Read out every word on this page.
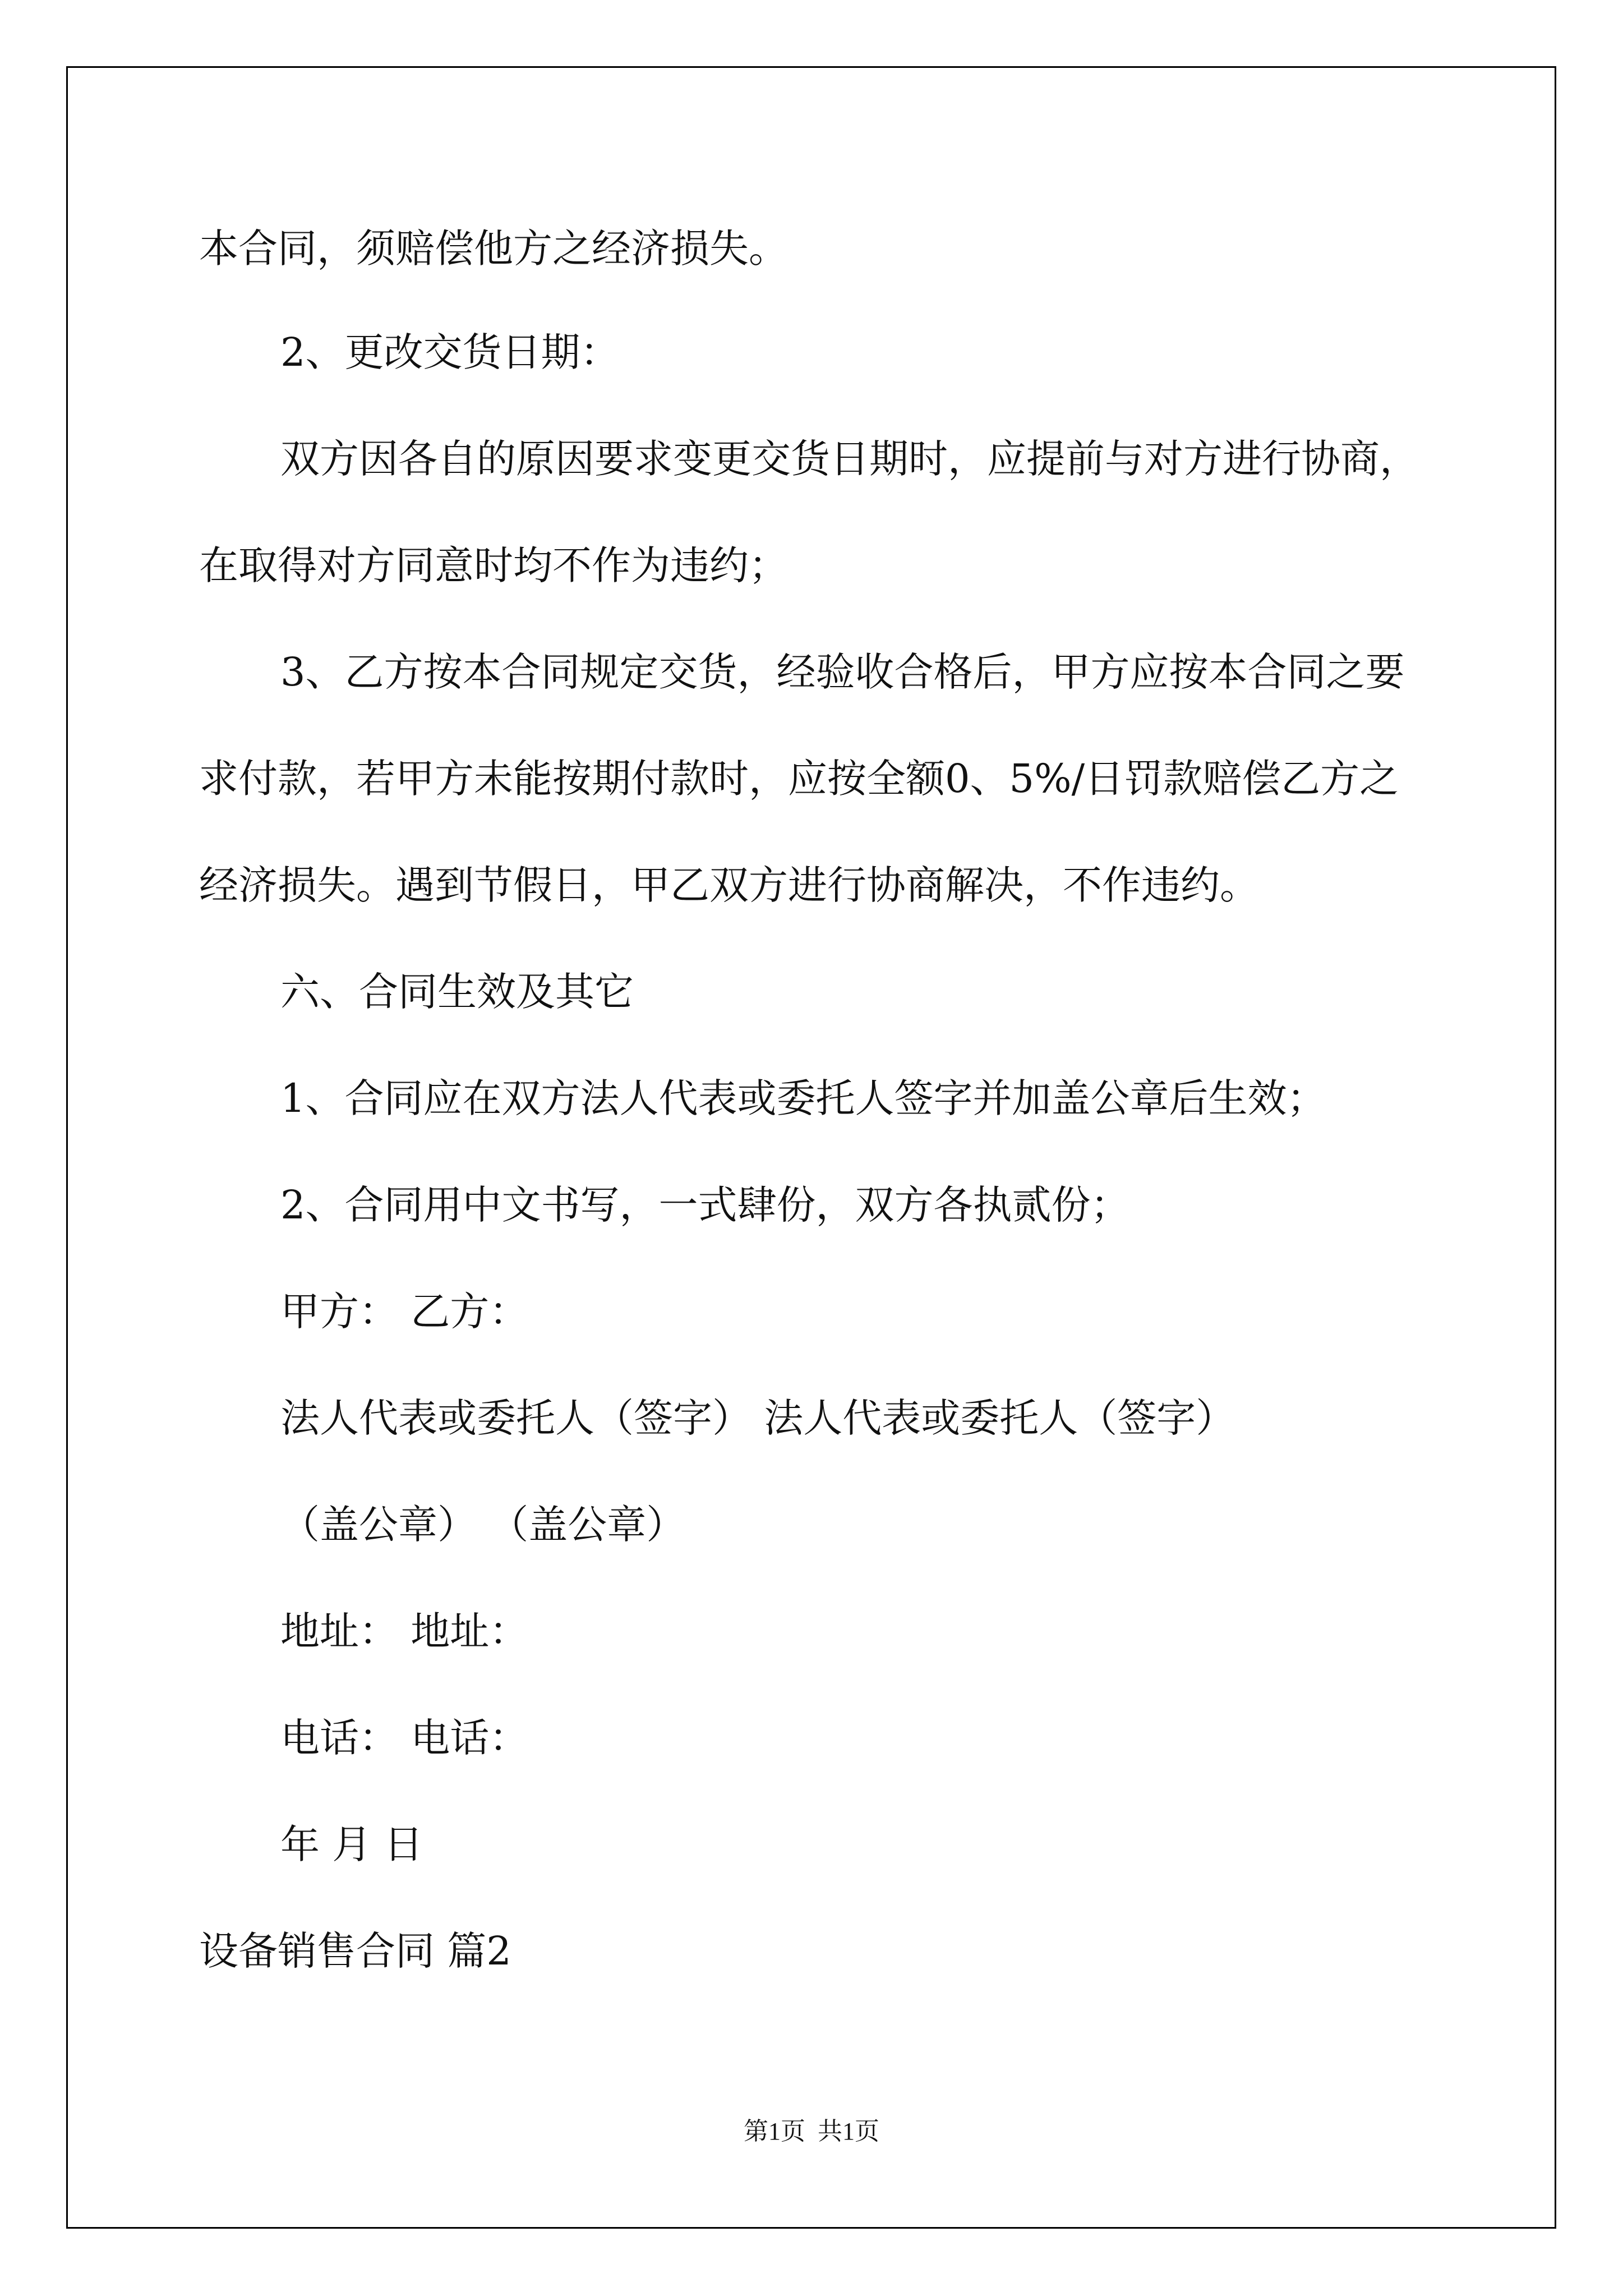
本合同，须赔偿他方之经济损失。

2、更改交货日期：

双方因各自的原因要求变更交货日期时，应提前与对方进行协商，

在取得对方同意时均不作为违约；

3、乙方按本合同规定交货，经验收合格后，甲方应按本合同之要

求付款，若甲方未能按期付款时，应按全额0、5%/日罚款赔偿乙方之

经济损失。遇到节假日，甲乙双方进行协商解决，不作违约。

六、合同生效及其它

1、合同应在双方法人代表或委托人签字并加盖公章后生效；

2、合同用中文书写，一式肆份，双方各执贰份；

甲方： 乙方：

法人代表或委托人（签字） 法人代表或委托人（签字）

（盖公章） （盖公章）

地址： 地址：

电话： 电话：

年 月 日

设备销售合同 篇2

第1页  共1页
